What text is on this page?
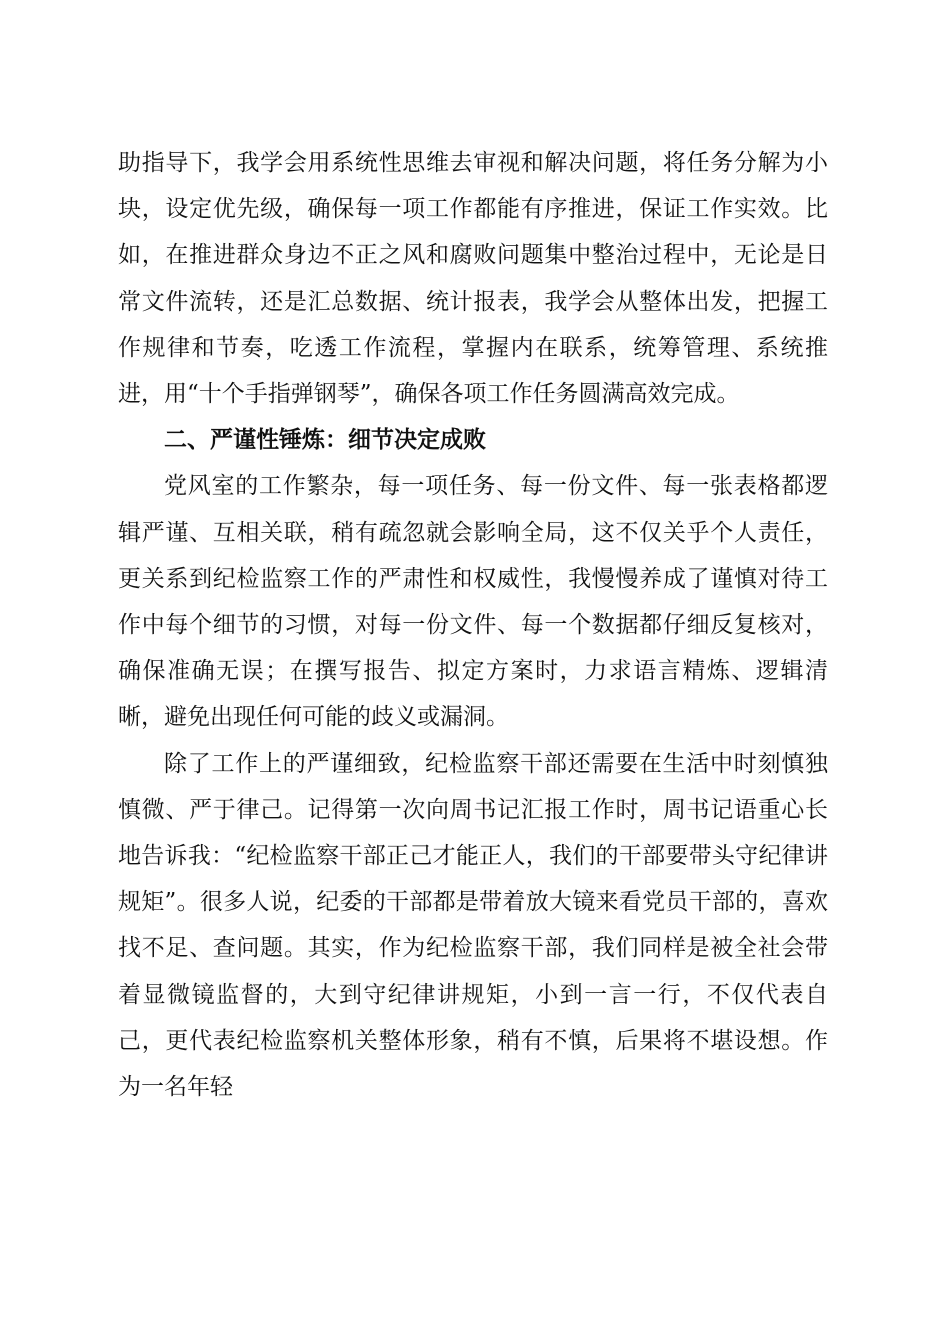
助指导下，我学会用系统性思维去审视和解决问题，将任务分解为小块，设定优先级，确保每一项工作都能有序推进，保证工作实效。比如，在推进群众身边不正之风和腐败问题集中整治过程中，无论是日常文件流转，还是汇总数据、统计报表，我学会从整体出发，把握工作规律和节奏，吃透工作流程，掌握内在联系，统筹管理、系统推进，用“十个手指弹钢琴”，确保各项工作任务圆满高效完成。

二、严谨性锤炼：细节决定成败

党风室的工作繁杂，每一项任务、每一份文件、每一张表格都逻辑严谨、互相关联，稍有疏忽就会影响全局，这不仅关乎个人责任，更关系到纪检监察工作的严肃性和权威性，我慢慢养成了谨慎对待工作中每个细节的习惯，对每一份文件、每一个数据都仔细反复核对，确保准确无误；在撰写报告、拟定方案时，力求语言精炼、逻辑清晰，避免出现任何可能的歧义或漏洞。

除了工作上的严谨细致，纪检监察干部还需要在生活中时刻慎独慎微、严于律己。记得第一次向周书记汇报工作时，周书记语重心长地告诉我：“纪检监察干部正己才能正人，我们的干部要带头守纪律讲规矩”。很多人说，纪委的干部都是带着放大镜来看党员干部的，喜欢找不足、查问题。其实，作为纪检监察干部，我们同样是被全社会带着显微镜监督的，大到守纪律讲规矩，小到一言一行，不仅代表自己，更代表纪检监察机关整体形象，稍有不慎，后果将不堪设想。作为一名年轻
